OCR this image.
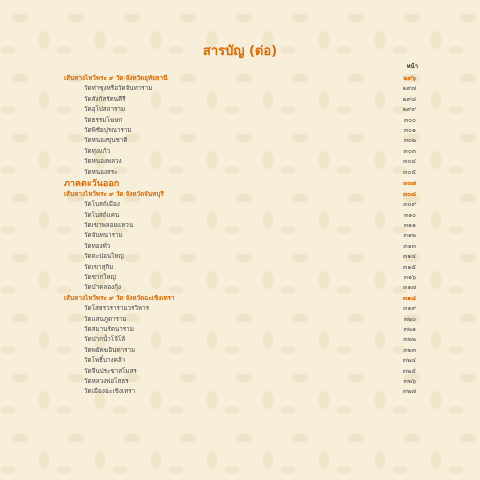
สารบัญ (ต่อ)
หน้า
เส้นทางไหว้พระ ๙ วัด จังหวัดอุทัยธานี	๒๙๖
วัดท่าซุงหรือวัดจันทาราม	๒๙๗
วัดสังกัสรัตนคีรี	๒๙๘
วัดอุโปสถาราม	๒๙๙
วัดธรรมโฆษก	๓๐๐
วัดพิชัยปุรณาราม	๓๐๑
วัดหนองขุนชาติ	๓๐๒
วัดทุ่งแก้ว	๓๐๓
วัดหนองพลวง	๓๐๔
วัดหนองสระ	๓๐๕
ภาคตะวันออก	๓๐๗
เส้นทางไหว้พระ ๙ วัด จังหวัดจันทบุรี	๓๐๘
วัดโบสถ์เมือง	๓๐๙
วัดโบสถ์แคน	๓๑๐
วัดเขาพลอยแหวน	๓๑๑
วัดจันทนาราม	๓๑๒
วัดทองทั่ว	๓๑๓
วัดตะปอนใหญ่	๓๑๔
วัดเขาสุกิม	๓๑๕
วัดชากใหญ่	๓๑๖
วัดป่าคลองกุ้ง	๓๑๗
เส้นทางไหว้พระ ๙ วัด จังหวัดฉะเชิงเทรา	๓๑๘
วัดโสธรวรารามวรวิหาร	๓๑๙
วัดแสนภูดาราม	๓๒๐
วัดสมานรัตนาราม	๓๒๑
วัดปากน้ำโจ้โล้	๓๒๒
วัดพยัคฆอินทาราม	๓๒๓
วัดโพธิ์บางคล้า	๓๒๔
วัดจีนประชาสโมสร	๓๒๕
วัดหลวงพ่อโสธร	๓๒๖
วัดเมืองฉะเชิงเทรา	๓๒๗
